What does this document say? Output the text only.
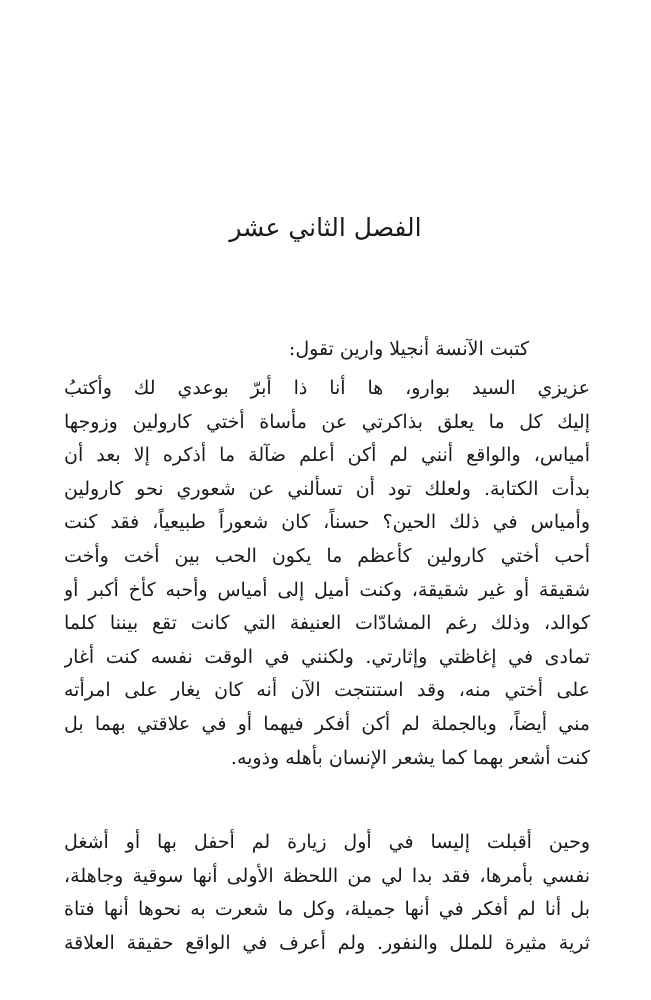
الفصل الثاني عشر

كتبت الآنسة أنجيلا وارين تقول:

عزيزي السيد بوارو، ها أنا ذا أبرّ بوعدي لك وأكتبُ
إليك كل ما يعلق بذاكرتي عن مأساة أختي كارولين وزوجها
أمياس، والواقع أنني لم أكن أعلم ضآلة ما أذكره إلا بعد أن
بدأت الكتابة. ولعلك تود أن تسألني عن شعوري نحو كارولين
وأمياس في ذلك الحين؟ حسناً، كان شعوراً طبيعياً، فقد كنت
أحب أختي كارولين كأعظم ما يكون الحب بين أخت وأخت
شقيقة أو غير شقيقة، وكنت أميل إلى أمياس وأحبه كأخ أكبر أو
كوالد، وذلك رغم المشادّات العنيفة التي كانت تقع بيننا كلما
تمادى في إغاظتي وإثارتي. ولكنني في الوقت نفسه كنت أغار
على أختي منه، وقد استنتجت الآن أنه كان يغار على امرأته
مني أيضاً، وبالجملة لم أكن أفكر فيهما أو في علاقتي بهما بل
كنت أشعر بهما كما يشعر الإنسان بأهله وذويه.

وحين أقبلت إليسا في أول زيارة لم أحفل بها أو أشغل
نفسي بأمرها، فقد بدا لي من اللحظة الأولى أنها سوقية وجاهلة،
بل أنا لم أفكر في أنها جميلة، وكل ما شعرت به نحوها أنها فتاة
ثرية مثيرة للملل والنفور. ولم أعرف في الواقع حقيقة العلاقة
